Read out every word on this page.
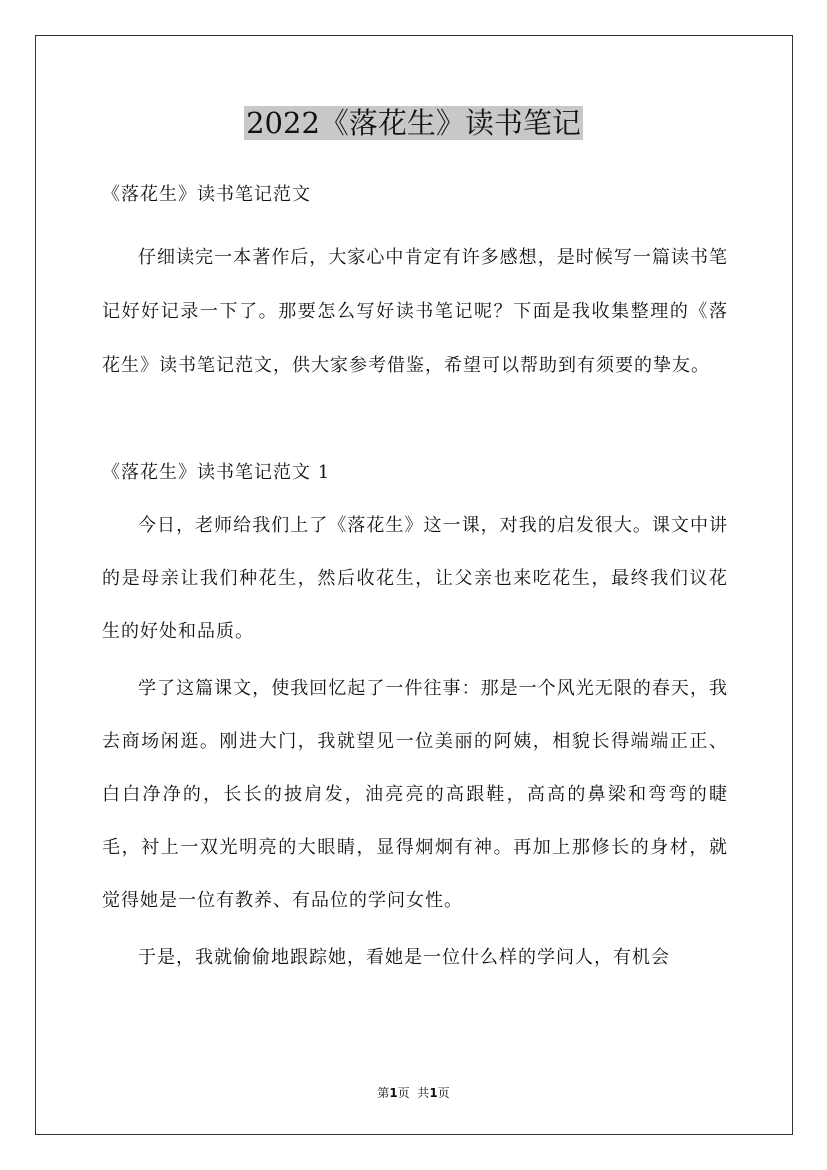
2022《落花生》读书笔记

《落花生》读书笔记范文

仔细读完一本著作后，大家心中肯定有许多感想，是时候写一篇读书笔记好好记录一下了。那要怎么写好读书笔记呢？下面是我收集整理的《落花生》读书笔记范文，供大家参考借鉴，希望可以帮助到有须要的挚友。

《落花生》读书笔记范文 1

今日，老师给我们上了《落花生》这一课，对我的启发很大。课文中讲的是母亲让我们种花生，然后收花生，让父亲也来吃花生，最终我们议花生的好处和品质。

学了这篇课文，使我回忆起了一件往事：那是一个风光无限的春天，我去商场闲逛。刚进大门，我就望见一位美丽的阿姨，相貌长得端端正正、白白净净的，长长的披肩发，油亮亮的高跟鞋，高高的鼻梁和弯弯的睫毛，衬上一双光明亮的大眼睛，显得炯炯有神。再加上那修长的身材，就觉得她是一位有教养、有品位的学问女性。

于是，我就偷偷地跟踪她，看她是一位什么样的学问人，有机会

第1页  共1页
